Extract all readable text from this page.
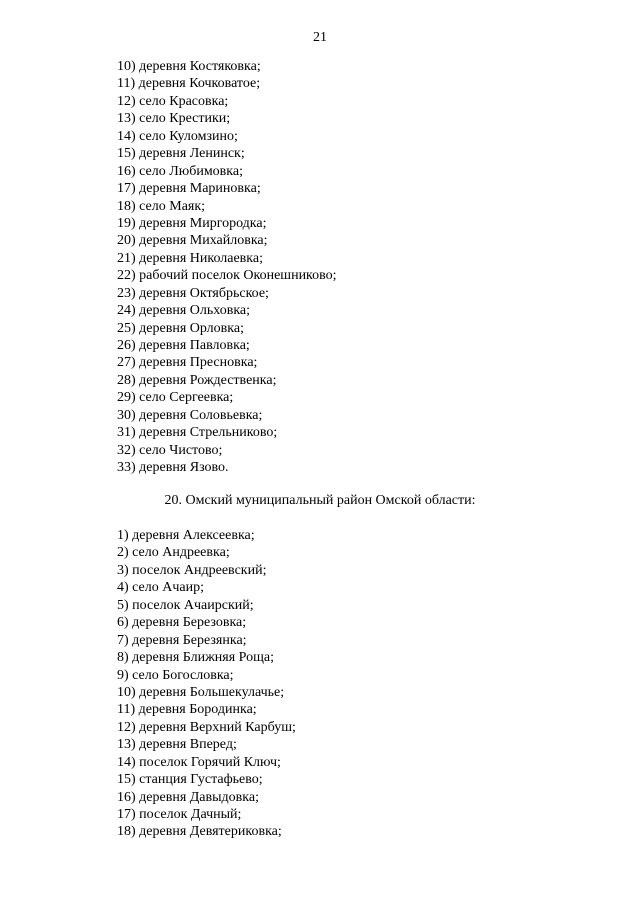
21
10) деревня Костяковка;
11) деревня Кочковатое;
12) село Красовка;
13) село Крестики;
14) село Куломзино;
15) деревня Ленинск;
16) село Любимовка;
17) деревня Мариновка;
18) село Маяк;
19) деревня Миргородка;
20) деревня Михайловка;
21) деревня Николаевка;
22) рабочий поселок Оконешниково;
23) деревня Октябрьское;
24) деревня Ольховка;
25) деревня Орловка;
26) деревня Павловка;
27) деревня Пресновка;
28) деревня Рождественка;
29) село Сергеевка;
30) деревня Соловьевка;
31) деревня Стрельниково;
32) село Чистово;
33) деревня Язово.
20. Омский муниципальный район Омской области:
1) деревня Алексеевка;
2) село Андреевка;
3) поселок Андреевский;
4) село Ачаир;
5) поселок Ачаирский;
6) деревня Березовка;
7) деревня Березянка;
8) деревня Ближняя Роща;
9) село Богословка;
10) деревня Большекулачье;
11) деревня Бородинка;
12) деревня Верхний Карбуш;
13) деревня Вперед;
14) поселок Горячий Ключ;
15) станция Густафьево;
16) деревня Давыдовка;
17) поселок Дачный;
18) деревня Девятериковка;
